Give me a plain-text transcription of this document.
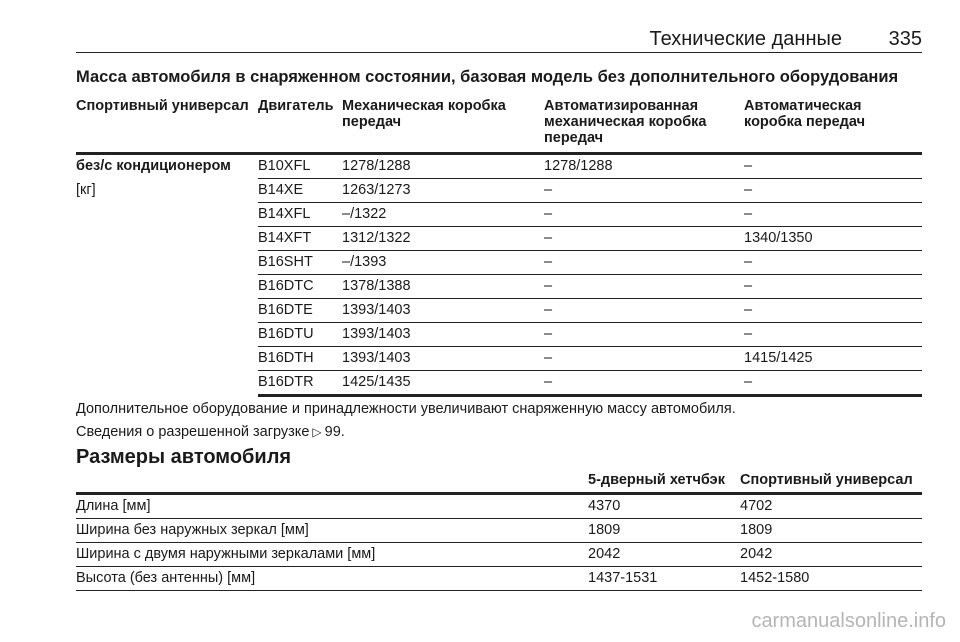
Технические данные 335
Масса автомобиля в снаряженном состоянии, базовая модель без дополнительного оборудования
Спортивный универсал	Двигатель	Механическая коробка передач	Автоматизированная механическая коробка передач	Автоматическая коробка передач
без/с кондиционером	B10XFL	1278/1288	1278/1288	–
[кг]	B14XE	1263/1273	–	–
	B14XFL	–/1322	–	–
	B14XFT	1312/1322	–	1340/1350
	B16SHT	–/1393	–	–
	B16DTC	1378/1388	–	–
	B16DTE	1393/1403	–	–
	B16DTU	1393/1403	–	–
	B16DTH	1393/1403	–	1415/1425
	B16DTR	1425/1435	–	–
Дополнительное оборудование и принадлежности увеличивают снаряженную массу автомобиля.
Сведения о разрешенной загрузке ▷ 99.
Размеры автомобиля
	5-дверный хетчбэк	Спортивный универсал
Длина [мм]	4370	4702
Ширина без наружных зеркал [мм]	1809	1809
Ширина с двумя наружными зеркалами [мм]	2042	2042
Высота (без антенны) [мм]	1437-1531	1452-1580
carmanualsonline.info
